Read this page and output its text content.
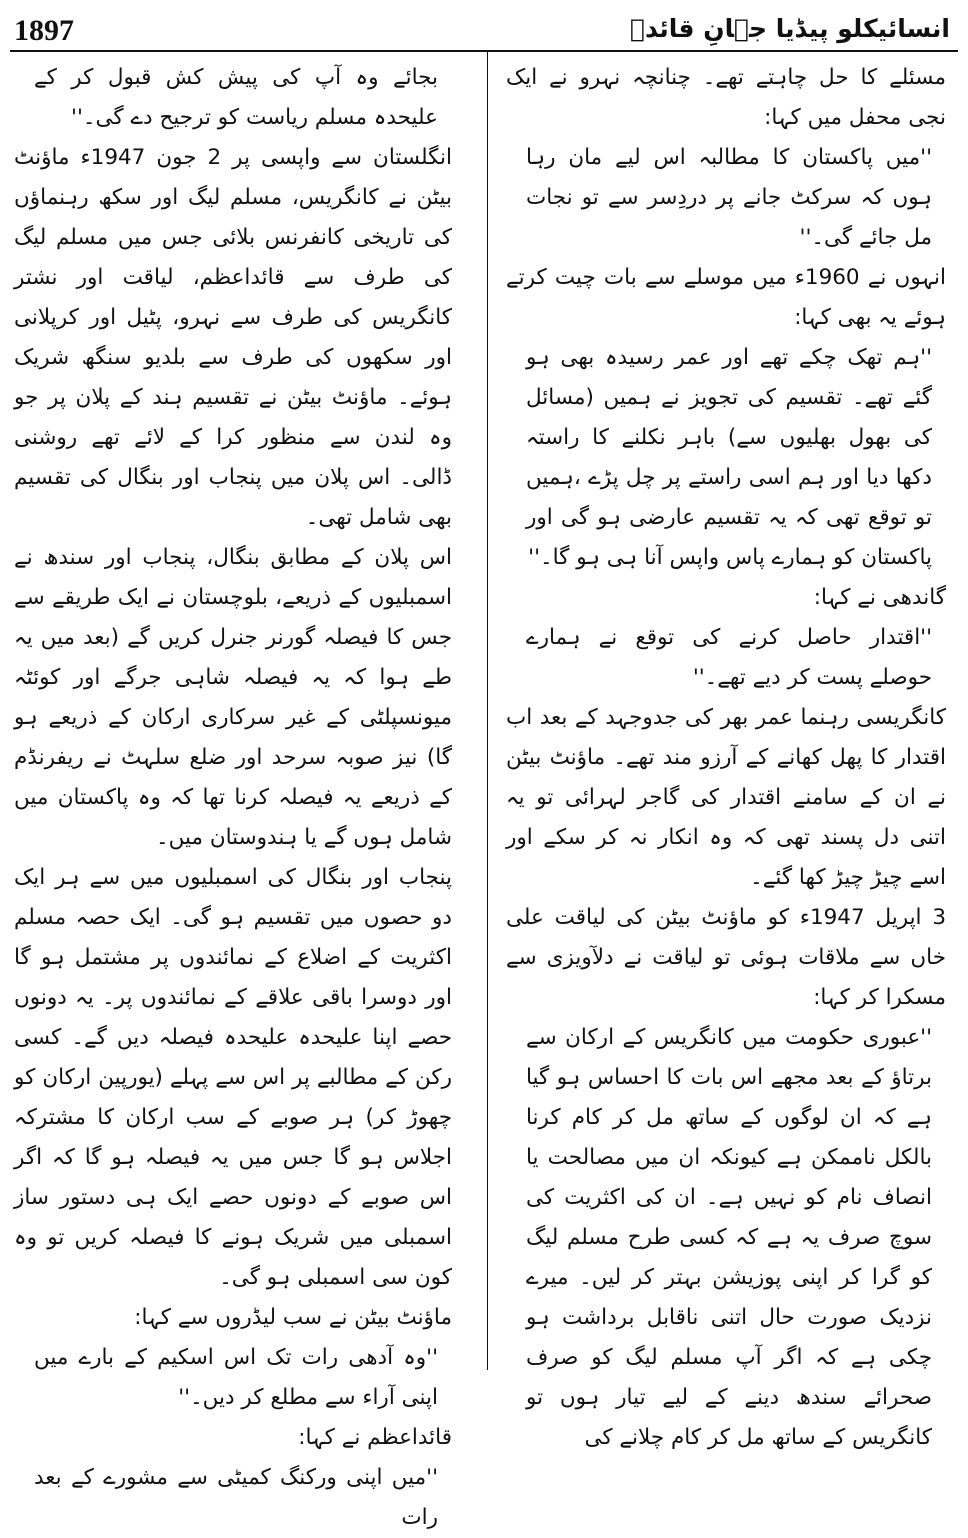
1897	انسائیکلو پیڈیا جہانِ قائدؒ

مسئلے کا حل چاہتے تھے۔ چنانچہ نہرو نے ایک نجی محفل میں کہا:

''میں پاکستان کا مطالبہ اس لیے مان رہا ہوں کہ سرکٹ جانے پر دردِسر سے تو نجات مل جائے گی۔''

انہوں نے 1960ء میں موسلے سے بات چیت کرتے ہوئے یہ بھی کہا:

''ہم تھک چکے تھے اور عمر رسیدہ بھی ہو گئے تھے۔ تقسیم کی تجویز نے ہمیں (مسائل کی بھول بھلیوں سے) باہر نکلنے کا راستہ دکھا دیا اور ہم اسی راستے پر چل پڑے ،ہمیں تو توقع تھی کہ یہ تقسیم عارضی ہو گی اور پاکستان کو ہمارے پاس واپس آنا ہی ہو گا۔''

گاندھی نے کہا:

''اقتدار حاصل کرنے کی توقع نے ہمارے حوصلے پست کر دیے تھے۔''

کانگریسی رہنما عمر بھر کی جدوجہد کے بعد اب اقتدار کا پھل کھانے کے آرزو مند تھے۔ ماؤنٹ بیٹن نے ان کے سامنے اقتدار کی گاجر لہرائی تو یہ اتنی دل پسند تھی کہ وہ انکار نہ کر سکے اور اسے چیڑ چیڑ کھا گئے۔

3 اپریل 1947ء کو ماؤنٹ بیٹن کی لیاقت علی خاں سے ملاقات ہوئی تو لیاقت نے دلآویزی سے مسکرا کر کہا:

''عبوری حکومت میں کانگریس کے ارکان سے برتاؤ کے بعد مجھے اس بات کا احساس ہو گیا ہے کہ ان لوگوں کے ساتھ مل کر کام کرنا بالکل ناممکن ہے کیونکہ ان میں مصالحت یا انصاف نام کو نہیں ہے۔ ان کی اکثریت کی سوچ صرف یہ ہے کہ کسی طرح مسلم لیگ کو گرا کر اپنی پوزیشن بہتر کر لیں۔ میرے نزدیک صورت حال اتنی ناقابل برداشت ہو چکی ہے کہ اگر آپ مسلم لیگ کو صرف صحرائے سندھ دینے کے لیے تیار ہوں تو کانگریس کے ساتھ مل کر کام چلانے کی

بجائے وہ آپ کی پیش کش قبول کر کے علیحدہ مسلم ریاست کو ترجیح دے گی۔''

انگلستان سے واپسی پر 2 جون 1947ء ماؤنٹ بیٹن نے کانگریس، مسلم لیگ اور سکھ رہنماؤں کی تاریخی کانفرنس بلائی جس میں مسلم لیگ کی طرف سے قائداعظم، لیاقت اور نشتر کانگریس کی طرف سے نہرو، پٹیل اور کرپلانی اور سکھوں کی طرف سے بلدیو سنگھ شریک ہوئے۔ ماؤنٹ بیٹن نے تقسیم ہند کے پلان پر جو وہ لندن سے منظور کرا کے لائے تھے روشنی ڈالی۔ اس پلان میں پنجاب اور بنگال کی تقسیم بھی شامل تھی۔

اس پلان کے مطابق بنگال، پنجاب اور سندھ نے اسمبلیوں کے ذریعے، بلوچستان نے ایک طریقے سے جس کا فیصلہ گورنر جنرل کریں گے (بعد میں یہ طے ہوا کہ یہ فیصلہ شاہی جرگے اور کوئٹہ میونسپلٹی کے غیر سرکاری ارکان کے ذریعے ہو گا) نیز صوبہ سرحد اور ضلع سلہٹ نے ریفرنڈم کے ذریعے یہ فیصلہ کرنا تھا کہ وہ پاکستان میں شامل ہوں گے یا ہندوستان میں۔

پنجاب اور بنگال کی اسمبلیوں میں سے ہر ایک دو حصوں میں تقسیم ہو گی۔ ایک حصہ مسلم اکثریت کے اضلاع کے نمائندوں پر مشتمل ہو گا اور دوسرا باقی علاقے کے نمائندوں پر۔ یہ دونوں حصے اپنا علیحدہ علیحدہ فیصلہ دیں گے۔ کسی رکن کے مطالبے پر اس سے پہلے (یورپین ارکان کو چھوڑ کر) ہر صوبے کے سب ارکان کا مشترکہ اجلاس ہو گا جس میں یہ فیصلہ ہو گا کہ اگر اس صوبے کے دونوں حصے ایک ہی دستور ساز اسمبلی میں شریک ہونے کا فیصلہ کریں تو وہ کون سی اسمبلی ہو گی۔

ماؤنٹ بیٹن نے سب لیڈروں سے کہا:

''وہ آدھی رات تک اس اسکیم کے بارے میں اپنی آراء سے مطلع کر دیں۔''

قائداعظم نے کہا:

''میں اپنی ورکنگ کمیٹی سے مشورے کے بعد رات
